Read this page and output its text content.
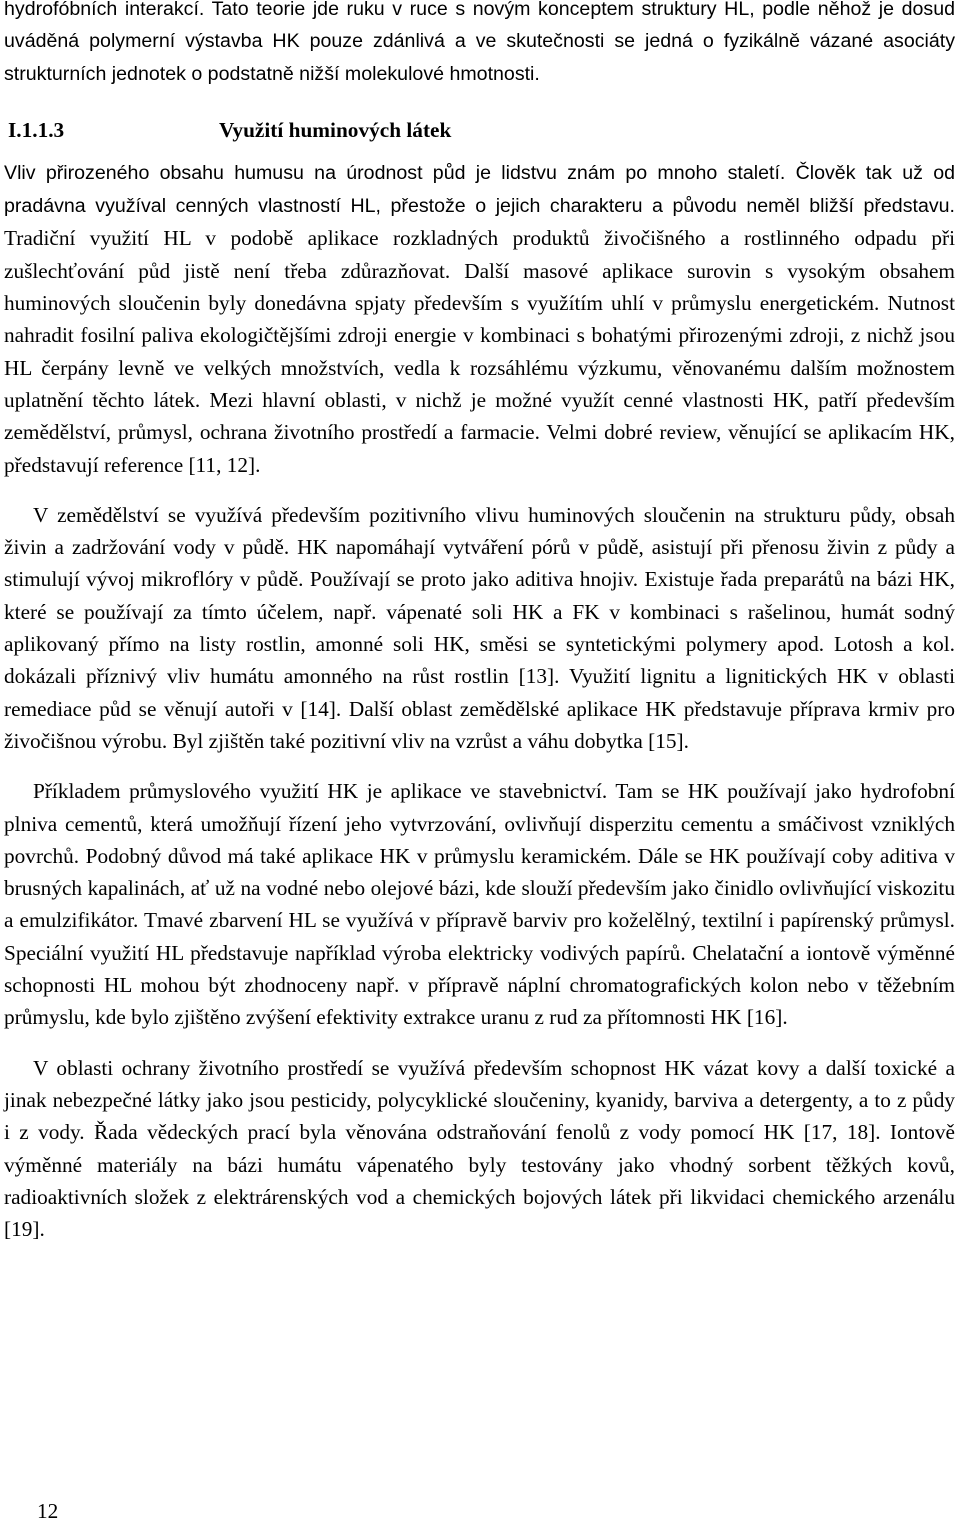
hydrofóbních interakcí. Tato teorie jde ruku v ruce s novým konceptem struktury HL, podle něhož je dosud uváděná polymerní výstavba HK pouze zdánlivá a ve skutečnosti se jedná o fyzikálně vázané asociáty strukturních jednotek o podstatně nižší molekulové hmotnosti.

I.1.1.3	Využití huminových látek

Vliv přirozeného obsahu humusu na úrodnost půd je lidstvu znám po mnoho staletí. Člověk tak už od pradávna využíval cenných vlastností HL, přestože o jejich charakteru a původu neměl bližší představu. Tradiční využití HL v podobě aplikace rozkladných produktů živočišného a rostlinného odpadu při zušlechťování půd jistě není třeba zdůrazňovat. Další masové aplikace surovin s vysokým obsahem huminových sloučenin byly donedávna spjaty především s využítím uhlí v průmyslu energetickém. Nutnost nahradit fosilní paliva ekologičtějšími zdroji energie v kombinaci s bohatými přirozenými zdroji, z nichž jsou HL čerpány levně ve velkých množstvích, vedla k rozsáhlému výzkumu, věnovanému dalším možnostem uplatnění těchto látek. Mezi hlavní oblasti, v nichž je možné využít cenné vlastnosti HK, patří především zemědělství, průmysl, ochrana životního prostředí a farmacie. Velmi dobré review, věnující se aplikacím HK, představují reference [11, 12].

V zemědělství se využívá především pozitivního vlivu huminových sloučenin na strukturu půdy, obsah živin a zadržování vody v půdě. HK napomáhají vytváření pórů v půdě, asistují při přenosu živin z půdy a stimulují vývoj mikroflóry v půdě. Používají se proto jako aditiva hnojiv. Existuje řada preparátů na bázi HK, které se používají za tímto účelem, např. vápenaté soli HK a FK v kombinaci s rašelinou, humát sodný aplikovaný přímo na listy rostlin, amonné soli HK, směsi se syntetickými polymery apod. Lotosh a kol. dokázali příznivý vliv humátu amonného na růst rostlin [13]. Využití lignitu a lignitických HK v oblasti remediace půd se věnují autoři v [14]. Další oblast zemědělské aplikace HK představuje příprava krmiv pro živočišnou výrobu. Byl zjištěn také pozitivní vliv na vzrůst a váhu dobytka [15].

Příkladem průmyslového využití HK je aplikace ve stavebnictví. Tam se HK používají jako hydrofobní plniva cementů, která umožňují řízení jeho vytvrzování, ovlivňují disperzitu cementu a smáčivost vzniklých povrchů. Podobný důvod má také aplikace HK v průmyslu keramickém. Dále se HK používají coby aditiva v brusných kapalinách, ať už na vodné nebo olejové bázi, kde slouží především jako činidlo ovlivňující viskozitu a emulzifikátor. Tmavé zbarvení HL se využívá v přípravě barviv pro koželělný, textilní i papírenský průmysl. Speciální využití HL představuje například výroba elektricky vodivých papírů. Chelatační a iontově výměnné schopnosti HL mohou být zhodnoceny např. v přípravě náplní chromatografických kolon nebo v těžebním průmyslu, kde bylo zjištěno zvýšení efektivity extrakce uranu z rud za přítomnosti HK [16].

V oblasti ochrany životního prostředí se využívá především schopnost HK vázat kovy a další toxické a jinak nebezpečné látky jako jsou pesticidy, polycyklické sloučeniny, kyanidy, barviva a detergenty, a to z půdy i z vody. Řada vědeckých prací byla věnována odstraňování fenolů z vody pomocí HK [17, 18]. Iontově výměnné materiály na bázi humátu vápenatého byly testovány jako vhodný sorbent těžkých kovů, radioaktivních složek z elektrárenských vod a chemických bojových látek při likvidaci chemického arzenálu [19].

12
